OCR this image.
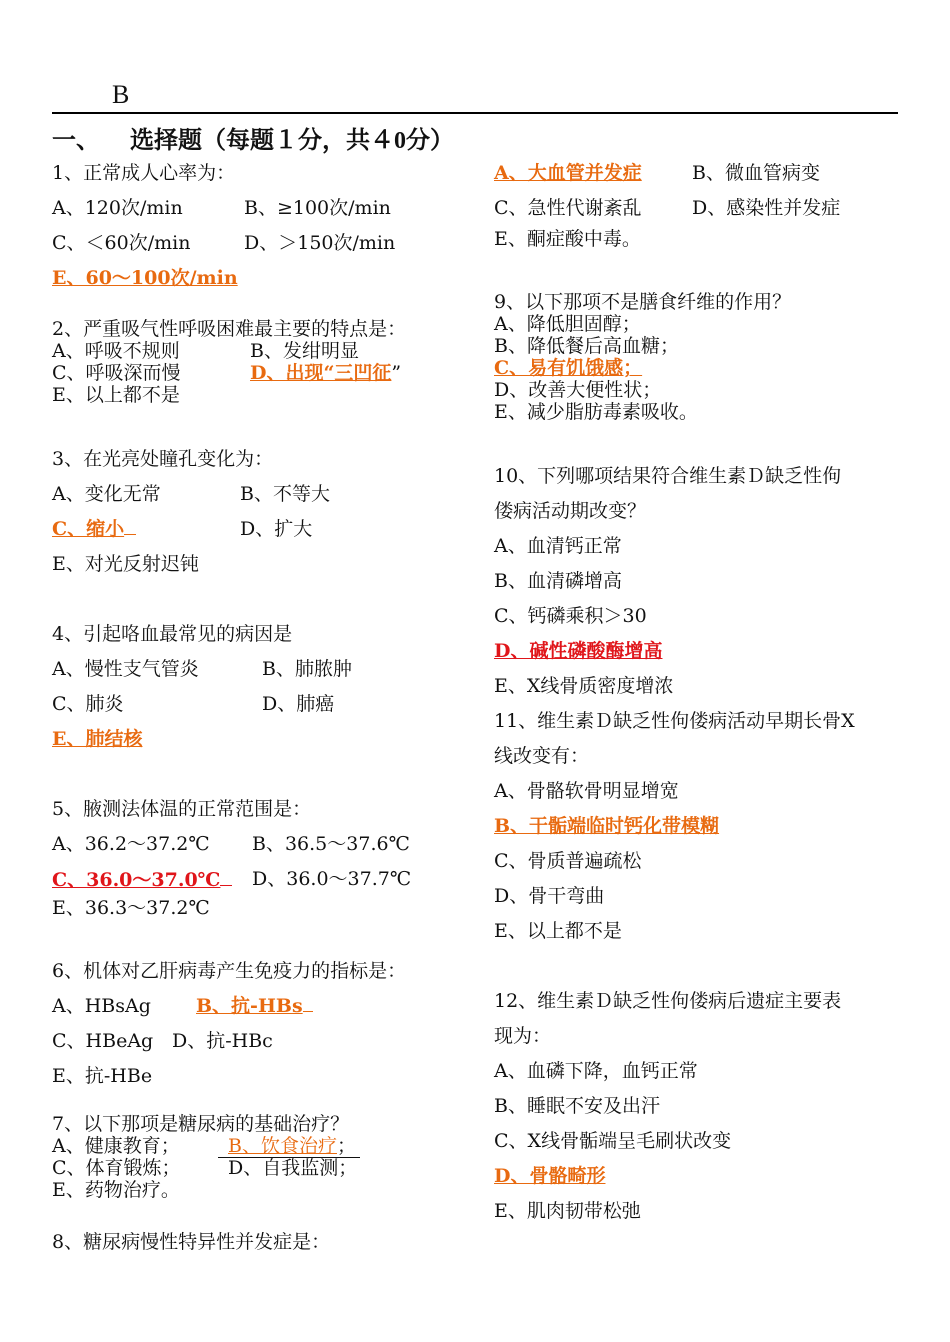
B
一、 选择题（每题１分，共４0分）
1、正常成人心率为：
A、120次/min	B、≥100次/min
C、＜60次/min	D、＞150次/min
E、60～100次/min
2、严重吸气性呼吸困难最主要的特点是：
A、呼吸不规则	B、发绀明显
C、呼吸深而慢	D、出现“三凹征”
E、以上都不是
3、在光亮处瞳孔变化为：
A、变化无常	B、不等大
C、缩小	D、扩大
E、对光反射迟钝
4、引起咯血最常见的病因是
A、慢性支气管炎	B、肺脓肿
C、肺炎	D、肺癌
E、肺结核
5、腋测法体温的正常范围是：
A、36.2～37.2℃ B、36.5～37.6℃
C、36.0～37.0℃	D、36.0～37.7℃
E、36.3～37.2℃
6、机体对乙肝病毒产生免疫力的指标是：
A、HBsAg B、抗-HBs
C、HBeAg D、抗-HBc
E、抗-HBe
7、以下那项是糖尿病的基础治疗？
A、健康教育；	B、饮食治疗；
C、体育锻炼； D、自我监测；
E、药物治疗。
8、糖尿病慢性特异性并发症是：
A、大血管并发症	B、微血管病变
C、急性代谢紊乱	D、感染性并发症
E、酮症酸中毒。
9、以下那项不是膳食纤维的作用？
A、降低胆固醇；
B、降低餐后高血糖；
C、易有饥饿感；
D、改善大便性状；
E、减少脂肪毒素吸收。
10、下列哪项结果符合维生素Ｄ缺乏性佝
偻病活动期改变？
A、血清钙正常
B、血清磷增高
C、钙磷乘积＞30
D、碱性磷酸酶增高
E、X线骨质密度增浓
11、维生素Ｄ缺乏性佝偻病活动早期长骨X
线改变有：
A、骨骼软骨明显增宽
B、干骺端临时钙化带模糊
C、骨质普遍疏松
D、骨干弯曲
E、以上都不是
12、维生素Ｄ缺乏性佝偻病后遗症主要表
现为：
A、血磷下降，血钙正常
B、睡眠不安及出汗
C、X线骨骺端呈毛刷状改变
D、骨骼畸形
E、肌肉韧带松弛
